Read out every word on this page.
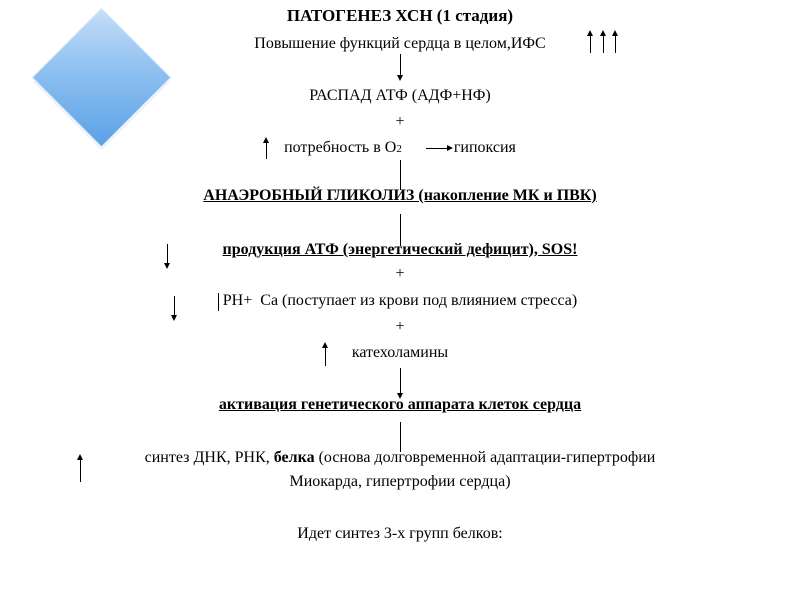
ПАТОГЕНЕЗ ХСН (1 стадия)
Повышение функций сердца в целом,ИФС
РАСПАД АТФ (АДФ+НФ)
+
потребность в О2	гипоксия
АНАЭРОБНЫЙ ГЛИКОЛИЗ (накопление МК и ПВК)
продукция АТФ (энергетический дефицит), SOS!
+
РН+ Са (поступает из крови под влиянием стресса)
+
катехоламины
активация генетического аппарата клеток сердца
синтез ДНК, РНК, белка (основа долговременной адаптации-гипертрофии
Миокарда, гипертрофии сердца)
Идет синтез 3-х групп белков:
